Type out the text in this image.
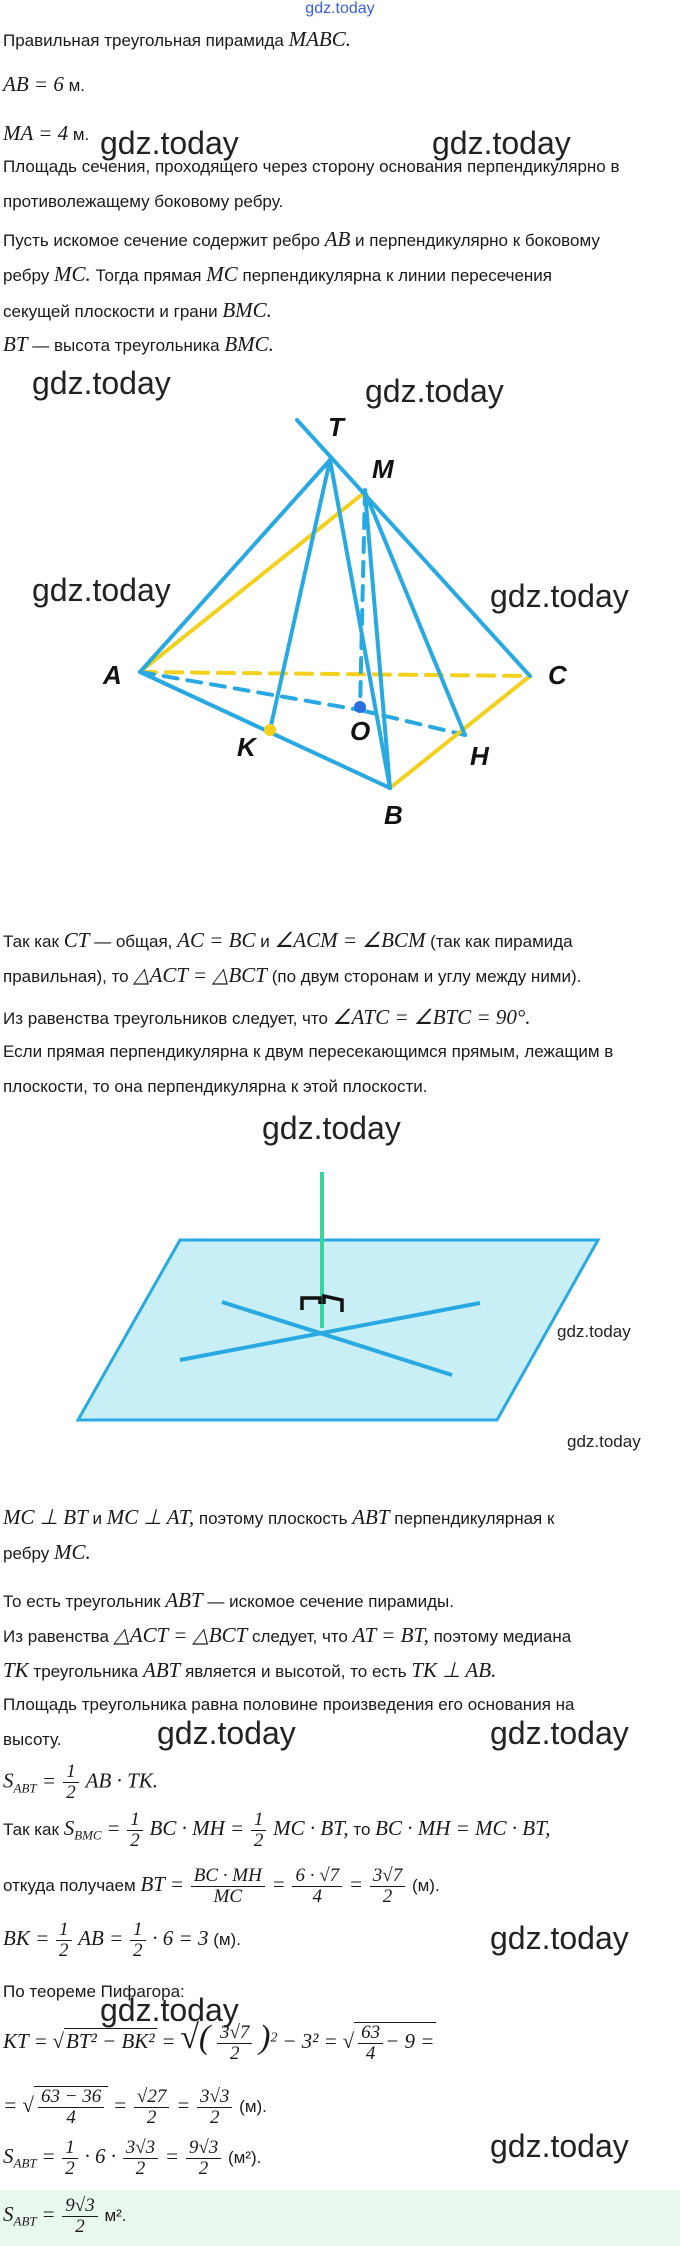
gdz.today
Правильная треугольная пирамида MABC.
AB = 6 м.
MA = 4 м.
Площадь сечения, проходящего через сторону основания перпендикулярно в
противолежащему боковому ребру.
Пусть искомое сечение содержит ребро AB и перпендикулярно к боковому
ребру MC. Тогда прямая MC перпендикулярна к линии пересечения
секущей плоскости и грани BMC.
BT — высота треугольника BMC.
gdz.today	gdz.today
gdz.today	gdz.today
gdz.today	gdz.today
T
M
A	C
K
O
H
B
Так как CT — общая, AC = BC и ∠ACM = ∠BCM (так как пирамида
правильная), то △ACT = △BCT (по двум сторонам и углу между ними).
Из равенства треугольников следует, что ∠ATC = ∠BTC = 90°.
Если прямая перпендикулярна к двум пересекающимся прямым, лежащим в
плоскости, то она перпендикулярна к этой плоскости.
gdz.today
gdz.today
gdz.today
MC ⊥ BT и MC ⊥ AT, поэтому плоскость ABT перпендикулярная к
ребру MC.
То есть треугольник ABT — искомое сечение пирамиды.
Из равенства △ACT = △BCT следует, что AT = BT, поэтому медиана
TK треугольника ABT является и высотой, то есть TK ⊥ AB.
Площадь треугольника равна половине произведения его основания на
высоту.	gdz.today	gdz.today
gdz.today
gdz.today
gdz.today
$S_{ABT} = \frac{1}{2}$ AB · TK.
Так как $S_{BMC} = \frac{1}{2}$ BC · MH = $\frac{1}{2}$ MC · BT, то BC · MH = MC · BT,
откуда получаем BT = $\frac{BC \cdot MH}{MC} = \frac{6 \cdot √7}{4} = \frac{3√7}{2} (м)$.
BK = $\frac{1}{2}$ AB = $\frac{1}{2} \cdot 6 = 3$ (м).
По теореме Пифагора:
KT = √BT² − BK² = √( $\frac{3√7}{2} )^2 - 3^2$ = √ $\frac{63}{4} - 9$ =
= √ $\frac{63 - 36}{4} = \frac{√27}{2} = \frac{3√3}{2} (м)$.
$S_{ABT} = \frac{1}{2} \cdot 6 \cdot \frac{3√3}{2} = \frac{9√3}{2} (м^2)$.
$S_{ABT} = \frac{9√3}{2} м^2$.
